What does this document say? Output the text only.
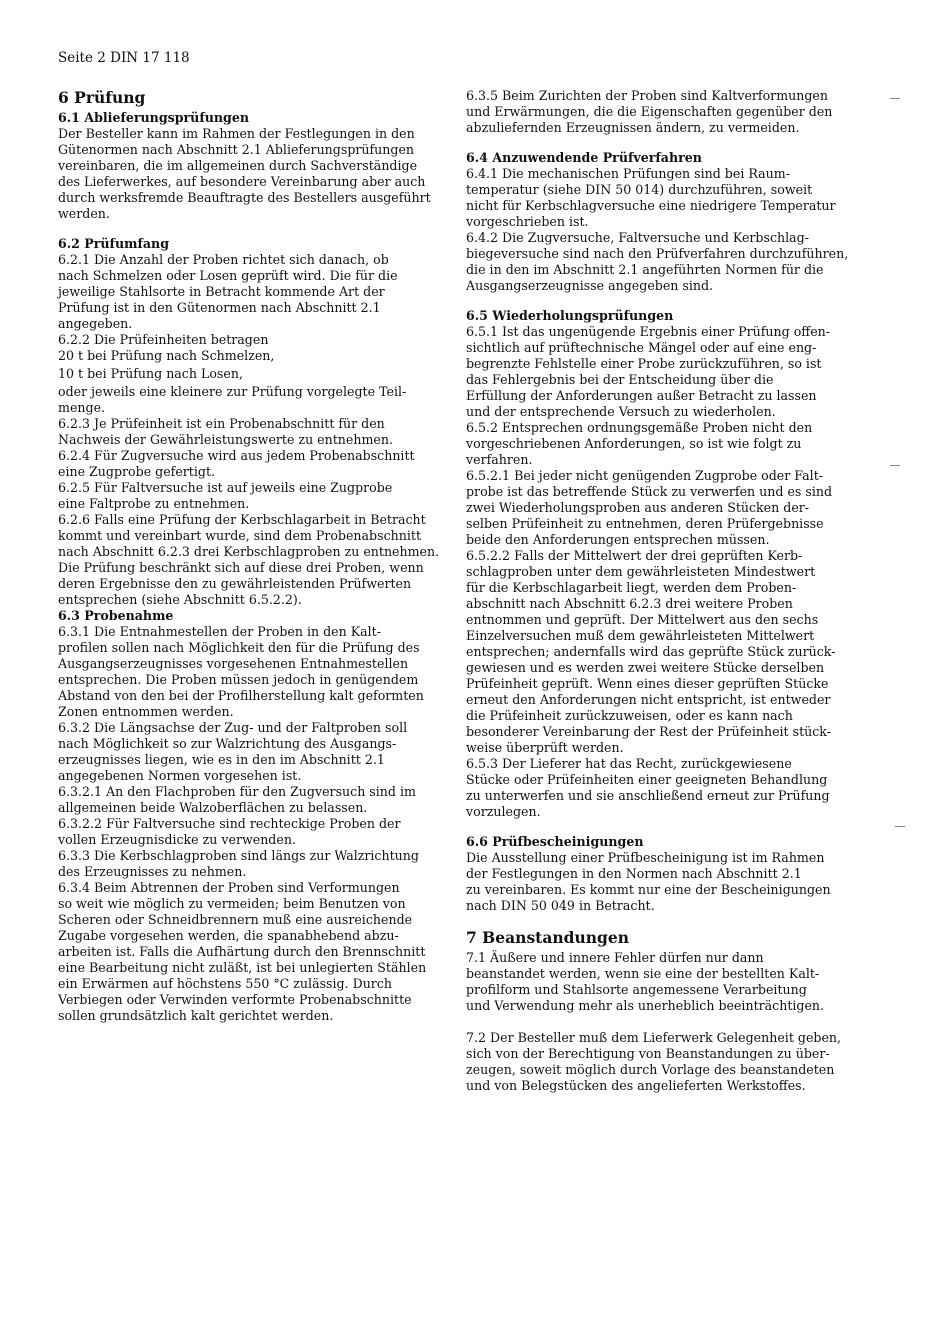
Seite 2 DIN 17 118
6 Prüfung
6.1 Ablieferungsprüfungen
Der Besteller kann im Rahmen der Festlegungen in den
Gütenormen nach Abschnitt 2.1 Ablieferungsprüfungen
vereinbaren, die im allgemeinen durch Sachverständige
des Lieferwerkes, auf besondere Vereinbarung aber auch
durch werksfremde Beauftragte des Bestellers ausgeführt
werden.
6.2 Prüfumfang
6.2.1 Die Anzahl der Proben richtet sich danach, ob
nach Schmelzen oder Losen geprüft wird. Die für die
jeweilige Stahlsorte in Betracht kommende Art der
Prüfung ist in den Gütenormen nach Abschnitt 2.1
angegeben.
6.2.2 Die Prüfeinheiten betragen
20 t bei Prüfung nach Schmelzen,
10 t bei Prüfung nach Losen,
oder jeweils eine kleinere zur Prüfung vorgelegte Teil-
menge.
6.2.3 Je Prüfeinheit ist ein Probenabschnitt für den
Nachweis der Gewährleistungswerte zu entnehmen.
6.2.4 Für Zugversuche wird aus jedem Probenabschnitt
eine Zugprobe gefertigt.
6.2.5 Für Faltversuche ist auf jeweils eine Zugprobe
eine Faltprobe zu entnehmen.
6.2.6 Falls eine Prüfung der Kerbschlagarbeit in Betracht
kommt und vereinbart wurde, sind dem Probenabschnitt
nach Abschnitt 6.2.3 drei Kerbschlagproben zu entnehmen.
Die Prüfung beschränkt sich auf diese drei Proben, wenn
deren Ergebnisse den zu gewährleistenden Prüfwerten
entsprechen (siehe Abschnitt 6.5.2.2).
6.3 Probenahme
6.3.1 Die Entnahmestellen der Proben in den Kalt-
profilen sollen nach Möglichkeit den für die Prüfung des
Ausgangserzeugnisses vorgesehenen Entnahmestellen
entsprechen. Die Proben müssen jedoch in genügendem
Abstand von den bei der Profilherstellung kalt geformten
Zonen entnommen werden.
6.3.2 Die Längsachse der Zug- und der Faltproben soll
nach Möglichkeit so zur Walzrichtung des Ausgangs-
erzeugnisses liegen, wie es in den im Abschnitt 2.1
angegebenen Normen vorgesehen ist.
6.3.2.1 An den Flachproben für den Zugversuch sind im
allgemeinen beide Walzoberflächen zu belassen.
6.3.2.2 Für Faltversuche sind rechteckige Proben der
vollen Erzeugnisdicke zu verwenden.
6.3.3 Die Kerbschlagproben sind längs zur Walzrichtung
des Erzeugnisses zu nehmen.
6.3.4 Beim Abtrennen der Proben sind Verformungen
so weit wie möglich zu vermeiden; beim Benutzen von
Scheren oder Schneidbrennern muß eine ausreichende
Zugabe vorgesehen werden, die spanabhebend abzu-
arbeiten ist. Falls die Aufhärtung durch den Brennschnitt
eine Bearbeitung nicht zuläßt, ist bei unlegierten Stählen
ein Erwärmen auf höchstens 550 °C zulässig. Durch
Verbiegen oder Verwinden verformte Probenabschnitte
sollen grundsätzlich kalt gerichtet werden.
6.3.5 Beim Zurichten der Proben sind Kaltverformungen
und Erwärmungen, die die Eigenschaften gegenüber den
abzuliefernden Erzeugnissen ändern, zu vermeiden.
6.4 Anzuwendende Prüfverfahren
6.4.1 Die mechanischen Prüfungen sind bei Raum-
temperatur (siehe DIN 50 014) durchzuführen, soweit
nicht für Kerbschlagversuche eine niedrigere Temperatur
vorgeschrieben ist.
6.4.2 Die Zugversuche, Faltversuche und Kerbschlag-
biegeversuche sind nach den Prüfverfahren durchzuführen,
die in den im Abschnitt 2.1 angeführten Normen für die
Ausgangserzeugnisse angegeben sind.
6.5 Wiederholungsprüfungen
6.5.1 Ist das ungenügende Ergebnis einer Prüfung offen-
sichtlich auf prüftechnische Mängel oder auf eine eng-
begrenzte Fehlstelle einer Probe zurückzuführen, so ist
das Fehlergebnis bei der Entscheidung über die
Erfüllung der Anforderungen außer Betracht zu lassen
und der entsprechende Versuch zu wiederholen.
6.5.2 Entsprechen ordnungsgemäße Proben nicht den
vorgeschriebenen Anforderungen, so ist wie folgt zu
verfahren.
6.5.2.1 Bei jeder nicht genügenden Zugprobe oder Falt-
probe ist das betreffende Stück zu verwerfen und es sind
zwei Wiederholungsproben aus anderen Stücken der-
selben Prüfeinheit zu entnehmen, deren Prüfergebnisse
beide den Anforderungen entsprechen müssen.
6.5.2.2 Falls der Mittelwert der drei geprüften Kerb-
schlagproben unter dem gewährleisteten Mindestwert
für die Kerbschlagarbeit liegt, werden dem Proben-
abschnitt nach Abschnitt 6.2.3 drei weitere Proben
entnommen und geprüft. Der Mittelwert aus den sechs
Einzelversuchen muß dem gewährleisteten Mittelwert
entsprechen; andernfalls wird das geprüfte Stück zurück-
gewiesen und es werden zwei weitere Stücke derselben
Prüfeinheit geprüft. Wenn eines dieser geprüften Stücke
erneut den Anforderungen nicht entspricht, ist entweder
die Prüfeinheit zurückzuweisen, oder es kann nach
besonderer Vereinbarung der Rest der Prüfeinheit stück-
weise überprüft werden.
6.5.3 Der Lieferer hat das Recht, zurückgewiesene
Stücke oder Prüfeinheiten einer geeigneten Behandlung
zu unterwerfen und sie anschließend erneut zur Prüfung
vorzulegen.
6.6 Prüfbescheinigungen
Die Ausstellung einer Prüfbescheinigung ist im Rahmen
der Festlegungen in den Normen nach Abschnitt 2.1
zu vereinbaren. Es kommt nur eine der Bescheinigungen
nach DIN 50 049 in Betracht.
7 Beanstandungen
7.1 Äußere und innere Fehler dürfen nur dann
beanstandet werden, wenn sie eine der bestellten Kalt-
profilform und Stahlsorte angemessene Verarbeitung
und Verwendung mehr als unerheblich beeinträchtigen.
7.2 Der Besteller muß dem Lieferwerk Gelegenheit geben,
sich von der Berechtigung von Beanstandungen zu über-
zeugen, soweit möglich durch Vorlage des beanstandeten
und von Belegstücken des angelieferten Werkstoffes.
